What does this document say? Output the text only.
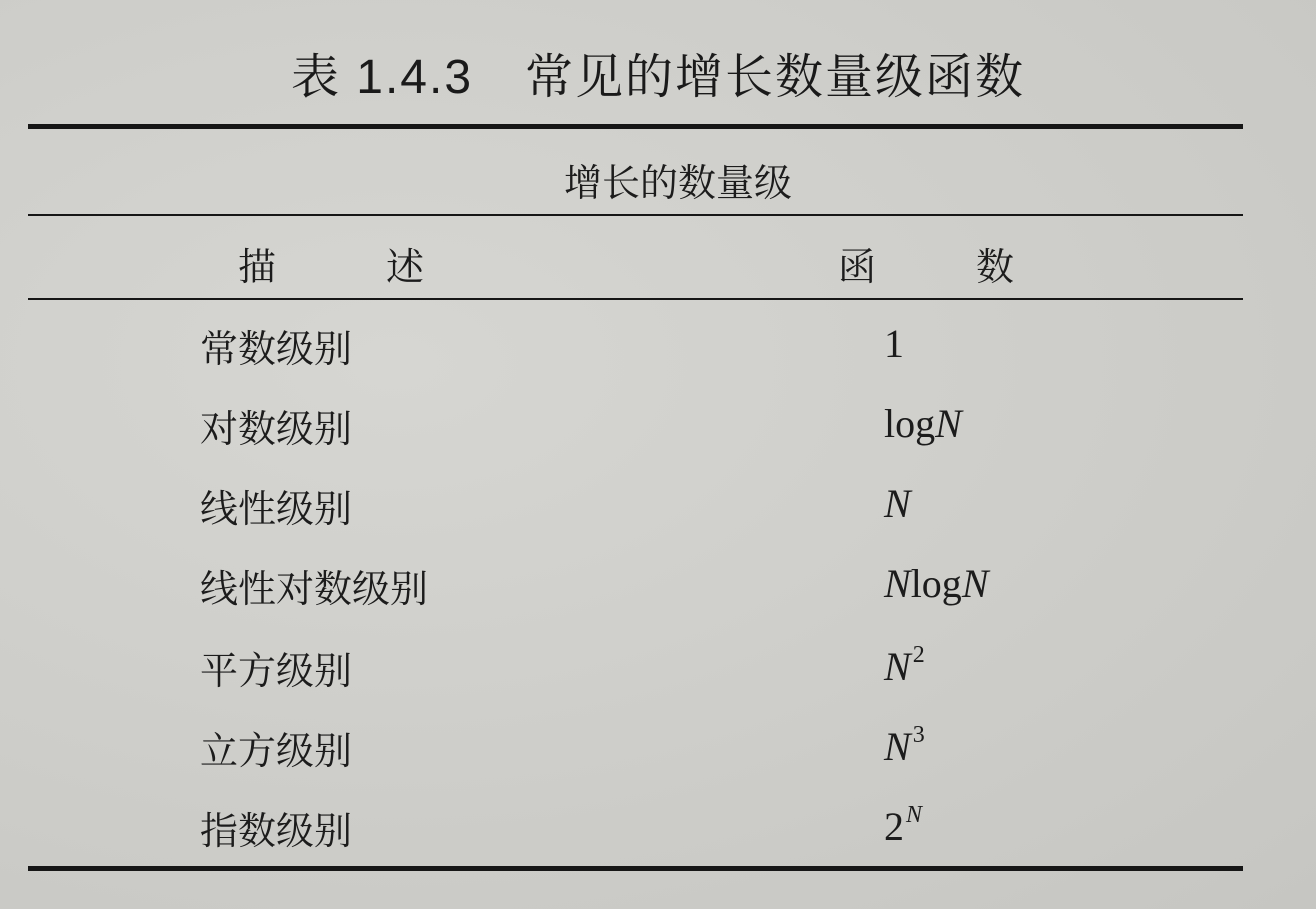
表 1.4.3 常见的增长数量级函数
增长的数量级
描述	函数
常数级别	1
对数级别	logN
线性级别	N
线性对数级别	NlogN
平方级别	$N^2$
立方级别	$N^3$
指数级别	$2^N$
